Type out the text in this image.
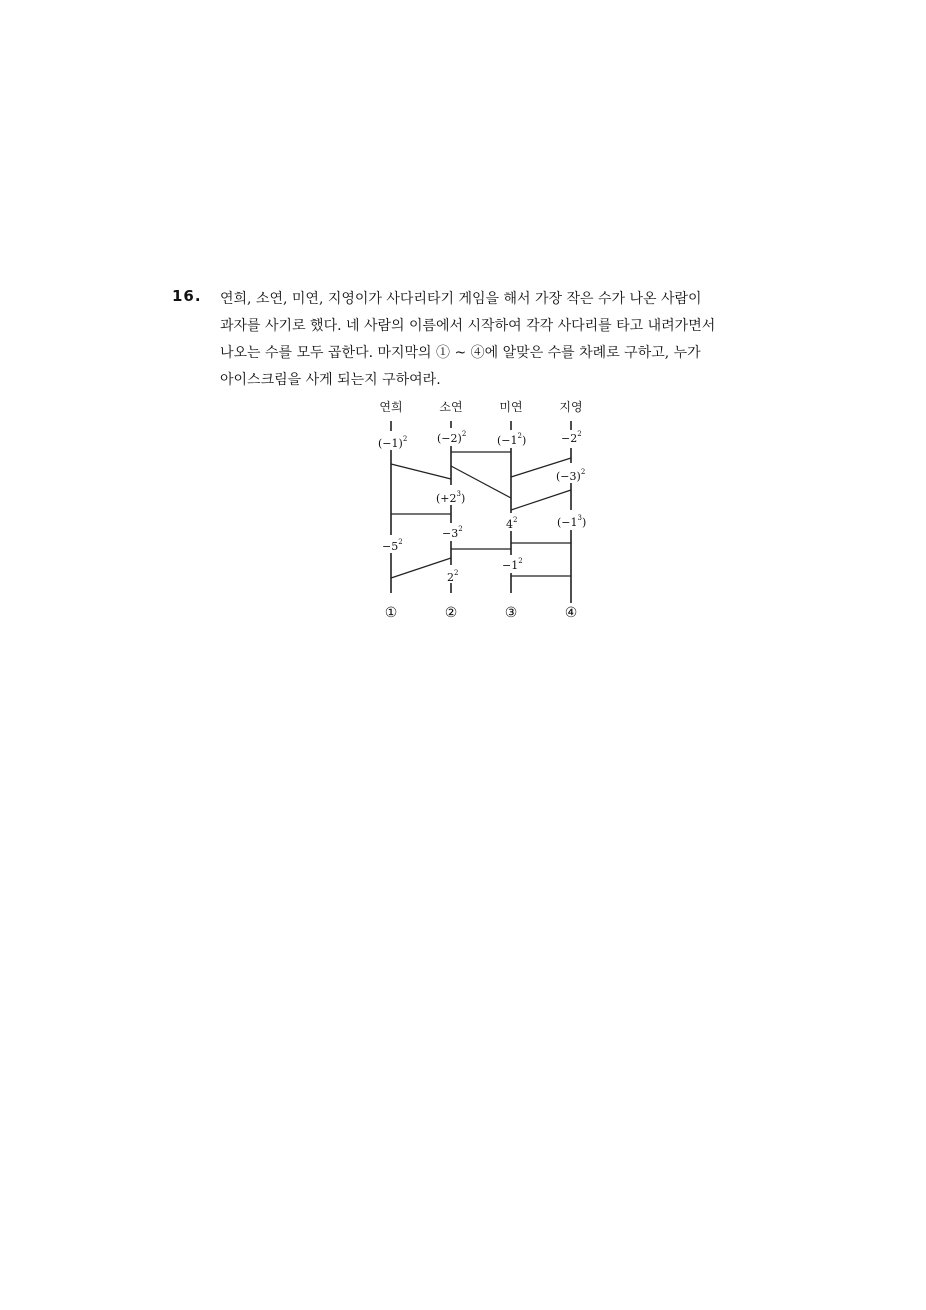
16. 연희, 소연, 미연, 지영이가 사다리타기 게임을 해서 가장 작은 수가 나온 사람이
과자를 사기로 했다. 네 사람의 이름에서 시작하여 각각 사다리를 타고 내려가면서
나오는 수를 모두 곱한다. 마지막의 ① ~ ④에 알맞은 수를 차례로 구하고, 누가
아이스크림을 사게 되는지 구하여라.
연희	소연	미연	지영
$(-1)^2$
$-5^2$
$(-2)^2$
$(+2^3)$
$-3^2$
$2^2$
$(-1^2)$
$4^2$
$-1^2$
$-2^2$
$(-3)^2$
$(-1^3)$
①	②	③	④
